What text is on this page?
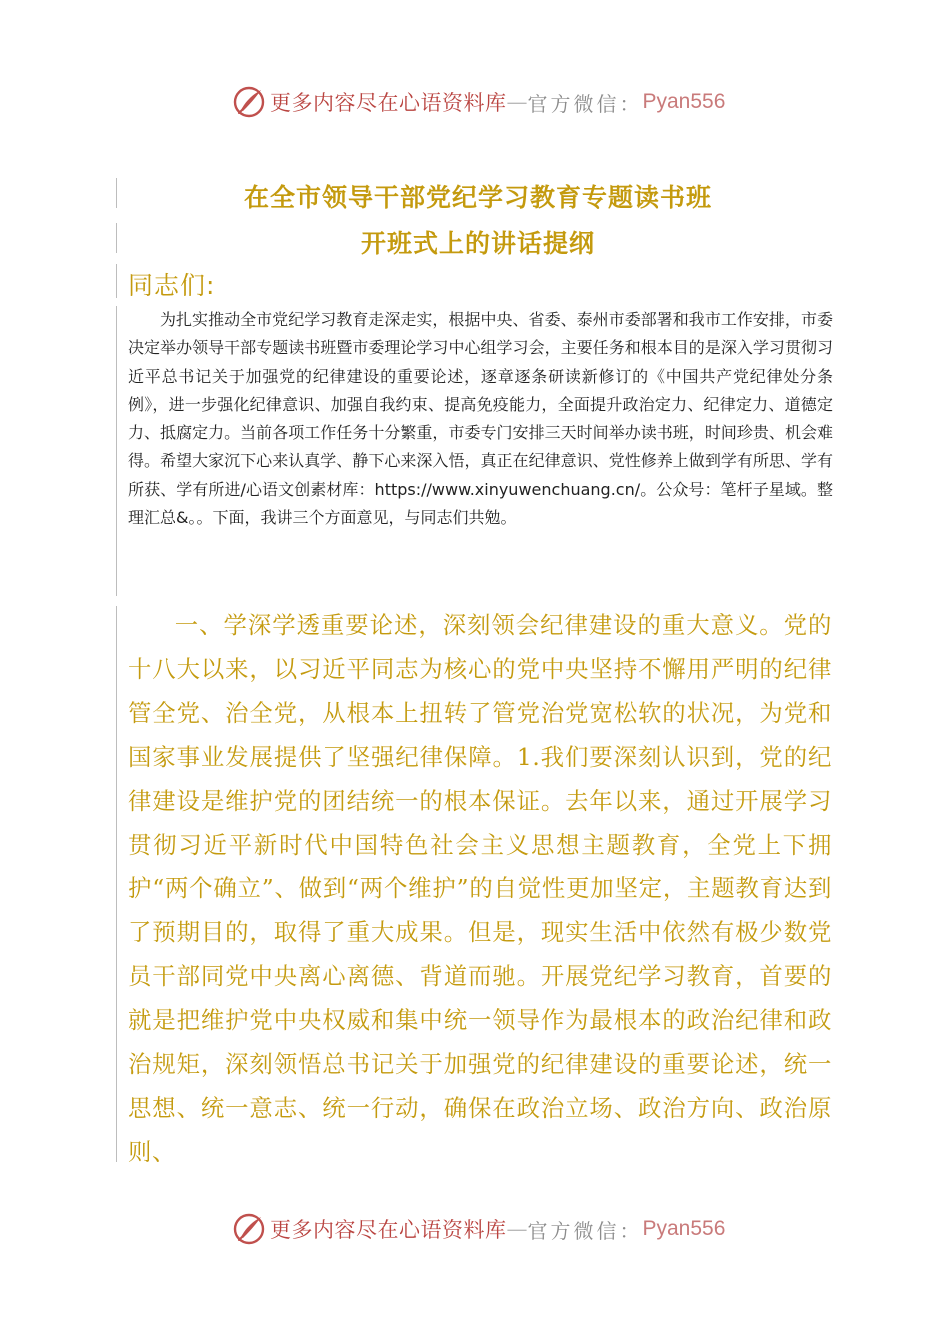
更多内容尽在心语资料库 — 官方微信： Pyan556
在全市领导干部党纪学习教育专题读书班
开班式上的讲话提纲
同志们:

为扎实推动全市党纪学习教育走深走实，根据中央、省委、泰州市委部署和我市工作安排，市委决定举办领导干部专题读书班暨市委理论学习中心组学习会，主要任务和根本目的是深入学习贯彻习近平总书记关于加强党的纪律建设的重要论述，逐章逐条研读新修订的《中国共产党纪律处分条例》，进一步强化纪律意识、加强自我约束、提高免疫能力，全面提升政治定力、纪律定力、道德定力、抵腐定力。当前各项工作任务十分繁重，市委专门安排三天时间举办读书班，时间珍贵、机会难得。希望大家沉下心来认真学、静下心来深入悟，真正在纪律意识、党性修养上做到学有所思、学有所获、学有所进/心语文创素材库：https://www.xinyuwenchuang.cn/。公众号：笔杆子星域。整理汇总&。。下面，我讲三个方面意见，与同志们共勉。

一、学深学透重要论述，深刻领会纪律建设的重大意义。党的十八大以来，以习近平同志为核心的党中央坚持不懈用严明的纪律管全党、治全党，从根本上扭转了管党治党宽松软的状况，为党和国家事业发展提供了坚强纪律保障。1.我们要深刻认识到，党的纪律建设是维护党的团结统一的根本保证。去年以来，通过开展学习贯彻习近平新时代中国特色社会主义思想主题教育，全党上下拥护“两个确立”、做到“两个维护”的自觉性更加坚定，主题教育达到了预期目的，取得了重大成果。但是，现实生活中依然有极少数党员干部同党中央离心离德、背道而驰。开展党纪学习教育，首要的就是把维护党中央权威和集中统一领导作为最根本的政治纪律和政治规矩，深刻领悟总书记关于加强党的纪律建设的重要论述，统一思想、统一意志、统一行动，确保在政治立场、政治方向、政治原则、

更多内容尽在心语资料库 — 官方微信： Pyan556
